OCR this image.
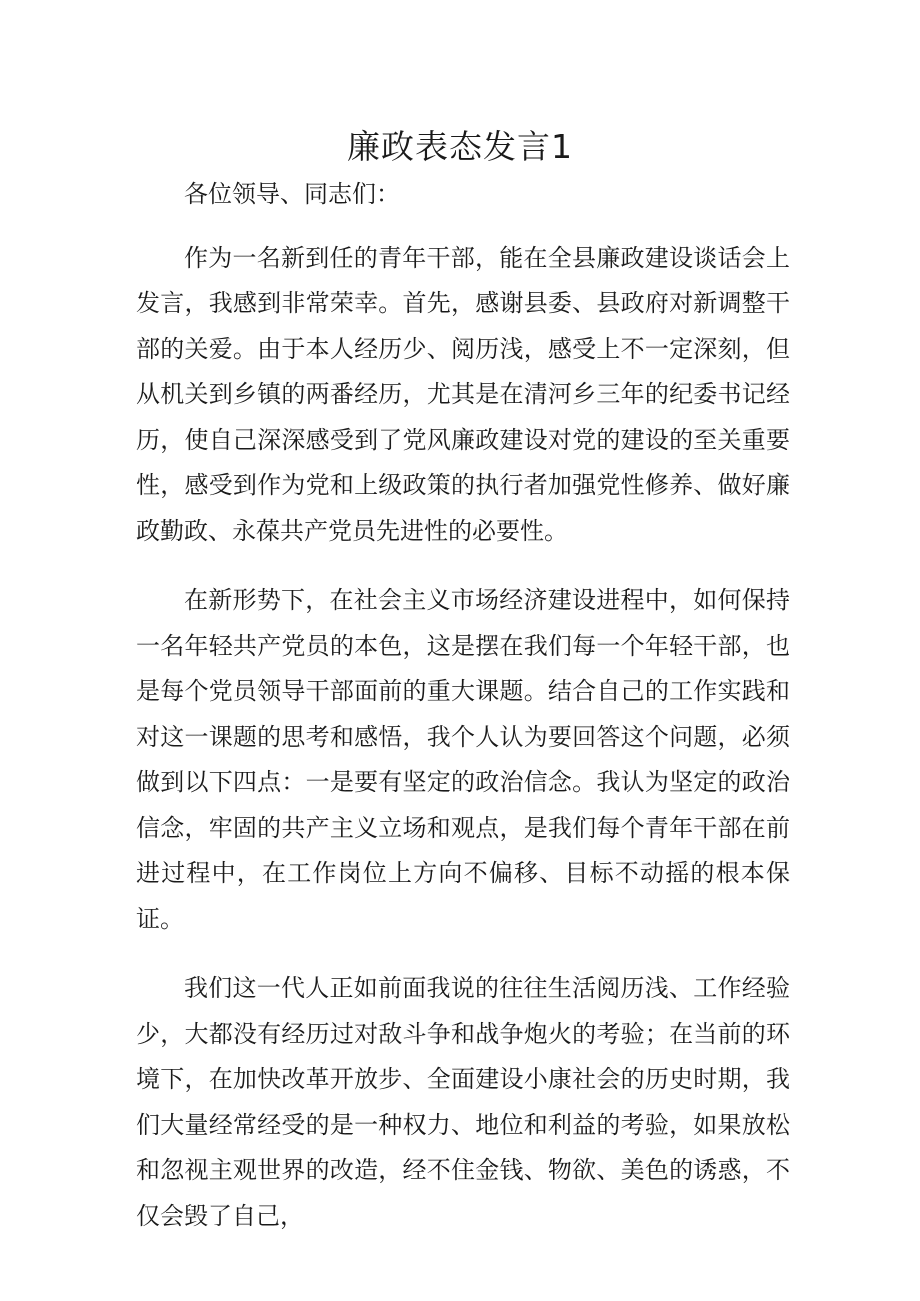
廉政表态发言1

各位领导、同志们：

作为一名新到任的青年干部，能在全县廉政建设谈话会上发言，我感到非常荣幸。首先，感谢县委、县政府对新调整干部的关爱。由于本人经历少、阅历浅，感受上不一定深刻，但从机关到乡镇的两番经历，尤其是在清河乡三年的纪委书记经历，使自己深深感受到了党风廉政建设对党的建设的至关重要性，感受到作为党和上级政策的执行者加强党性修养、做好廉政勤政、永葆共产党员先进性的必要性。

在新形势下，在社会主义市场经济建设进程中，如何保持一名年轻共产党员的本色，这是摆在我们每一个年轻干部，也是每个党员领导干部面前的重大课题。结合自己的工作实践和对这一课题的思考和感悟，我个人认为要回答这个问题，必须做到以下四点：一是要有坚定的政治信念。我认为坚定的政治信念，牢固的共产主义立场和观点，是我们每个青年干部在前进过程中，在工作岗位上方向不偏移、目标不动摇的根本保证。

我们这一代人正如前面我说的往往生活阅历浅、工作经验少，大都没有经历过对敌斗争和战争炮火的考验；在当前的环境下，在加快改革开放步、全面建设小康社会的历史时期，我们大量经常经受的是一种权力、地位和利益的考验，如果放松和忽视主观世界的改造，经不住金钱、物欲、美色的诱惑，不仅会毁了自己，
